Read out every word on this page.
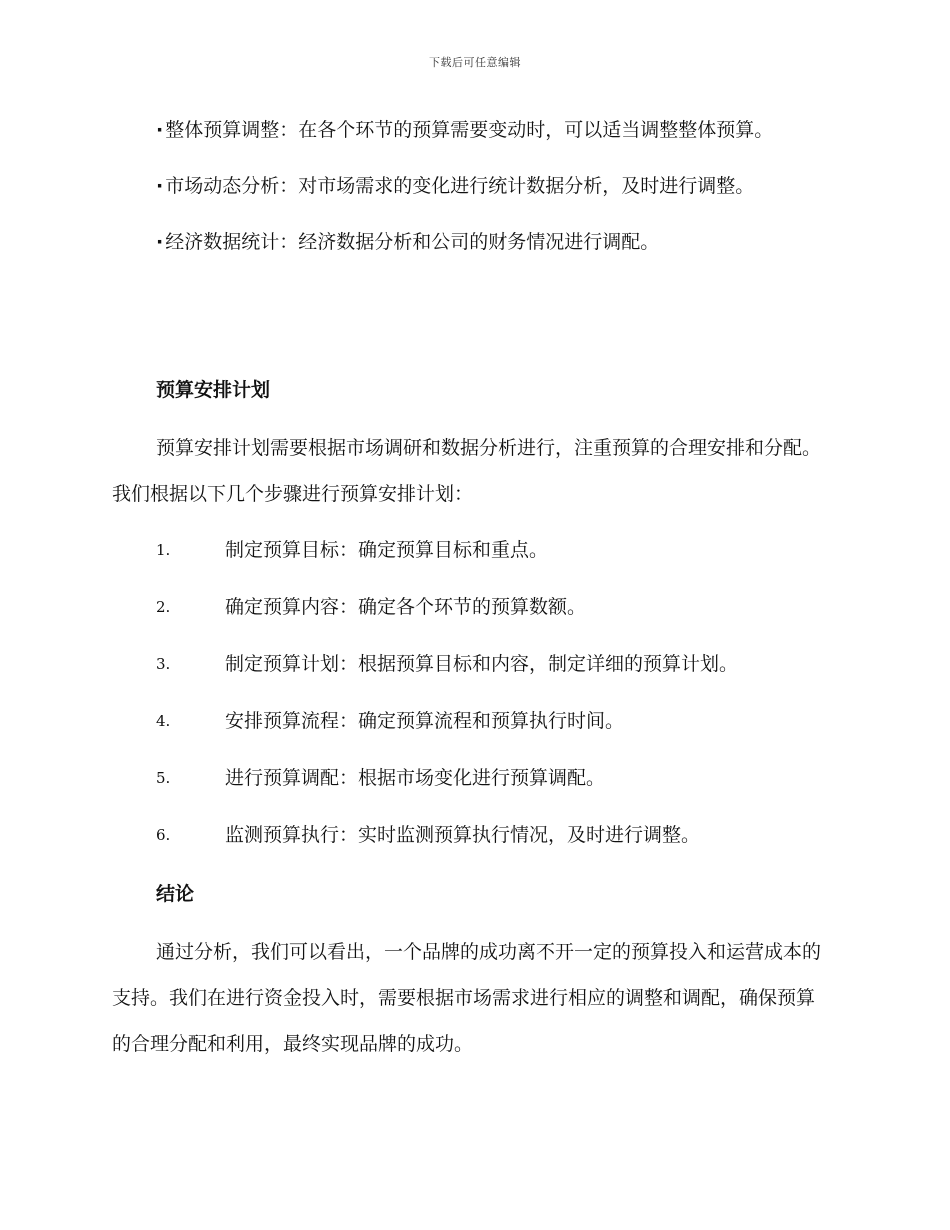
下载后可任意编辑

· 整体预算调整：在各个环节的预算需要变动时，可以适当调整整体预算。

· 市场动态分析：对市场需求的变化进行统计数据分析，及时进行调整。

· 经济数据统计：经济数据分析和公司的财务情况进行调配。

预算安排计划

预算安排计划需要根据市场调研和数据分析进行，注重预算的合理安排和分配。我们根据以下几个步骤进行预算安排计划：

1.	制定预算目标：确定预算目标和重点。
2.	确定预算内容：确定各个环节的预算数额。
3.	制定预算计划：根据预算目标和内容，制定详细的预算计划。
4.	安排预算流程：确定预算流程和预算执行时间。
5.	进行预算调配：根据市场变化进行预算调配。
6.	监测预算执行：实时监测预算执行情况，及时进行调整。

结论

通过分析，我们可以看出，一个品牌的成功离不开一定的预算投入和运营成本的支持。我们在进行资金投入时，需要根据市场需求进行相应的调整和调配，确保预算的合理分配和利用，最终实现品牌的成功。
